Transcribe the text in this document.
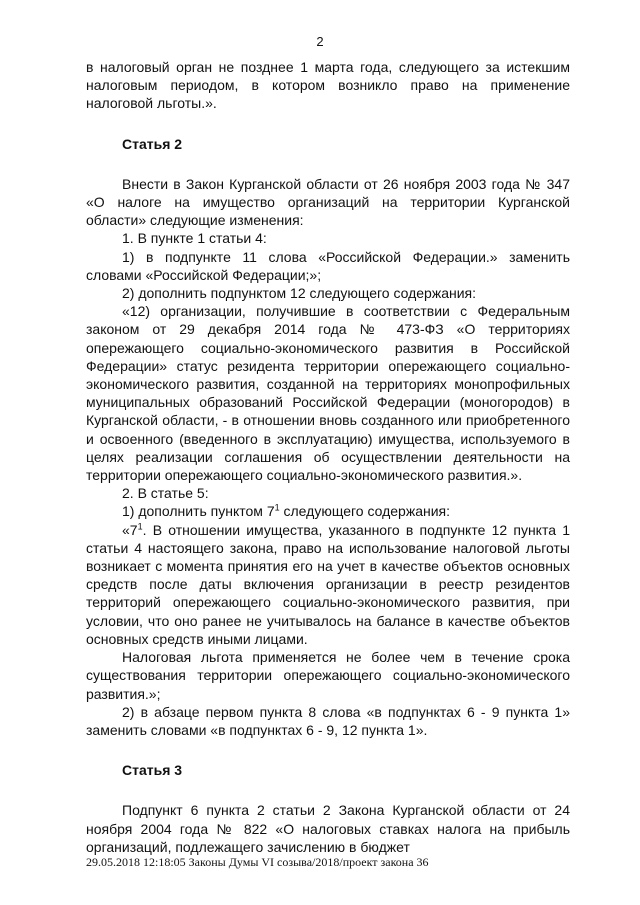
2

в налоговый орган не позднее 1 марта года, следующего за истекшим налоговым периодом, в котором возникло право на применение налоговой льготы.».

Статья 2

Внести в Закон Курганской области от 26 ноября 2003 года № 347 «О налоге на имущество организаций на территории Курганской области» следующие изменения:

1. В пункте 1 статьи 4:

1) в подпункте 11 слова «Российской Федерации.» заменить словами «Российской Федерации;»;

2) дополнить подпунктом 12 следующего содержания:

«12) организации, получившие в соответствии с Федеральным законом от 29 декабря 2014 года № 473-ФЗ «О территориях опережающего социально-экономического развития в Российской Федерации» статус резидента территории опережающего социально-экономического развития, созданной на территориях монопрофильных муниципальных образований Российской Федерации (моногородов) в Курганской области, - в отношении вновь созданного или приобретенного и освоенного (введенного в эксплуатацию) имущества, используемого в целях реализации соглашения об осуществлении деятельности на территории опережающего социально-экономического развития.».

2. В статье 5:

1) дополнить пунктом $7^1$ следующего содержания:

«$7^1$. В отношении имущества, указанного в подпункте 12 пункта 1 статьи 4 настоящего закона, право на использование налоговой льготы возникает с момента принятия его на учет в качестве объектов основных средств после даты включения организации в реестр резидентов территорий опережающего социально-экономического развития, при условии, что оно ранее не учитывалось на балансе в качестве объектов основных средств иными лицами.

Налоговая льгота применяется не более чем в течение срока существования территории опережающего социально-экономического развития.»;

2) в абзаце первом пункта 8 слова «в подпунктах 6 - 9 пункта 1» заменить словами «в подпунктах 6 - 9, 12 пункта 1».

Статья 3

Подпункт 6 пункта 2 статьи 2 Закона Курганской области от 24 ноября 2004 года № 822 «О налоговых ставках налога на прибыль организаций, подлежащего зачислению в бюджет

29.05.2018 12:18:05 Законы Думы VI созыва/2018/проект закона 36
